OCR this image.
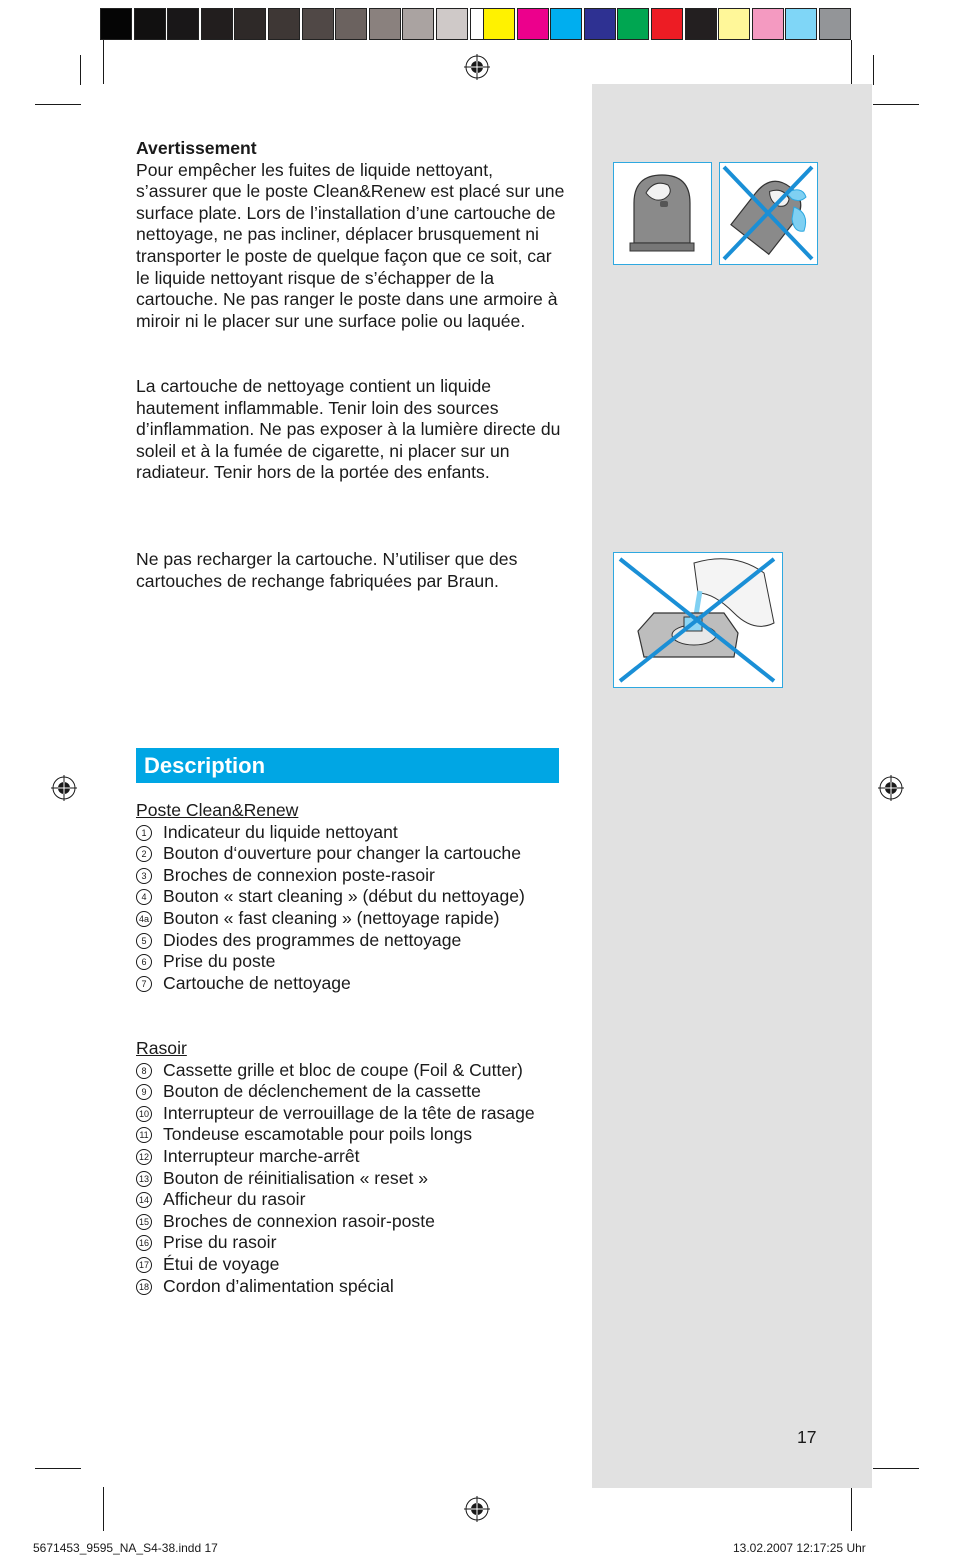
Avertissement
Pour empêcher les fuites de liquide nettoyant, s’assurer que le poste Clean&Renew est placé sur une surface plate. Lors de l’installation d’une cartouche de nettoyage, ne pas incliner, déplacer brusquement ni transporter le poste de quelque façon que ce soit, car le liquide nettoyant risque de s’échapper de la cartouche. Ne pas ranger le poste dans une armoire à miroir ni le placer sur une surface polie ou laquée.

La cartouche de nettoyage contient un liquide hautement inflammable. Tenir loin des sources d’inflammation. Ne pas exposer à la lumière directe du soleil et à la fumée de cigarette, ni placer sur un radiateur. Tenir hors de la portée des enfants.

Ne pas recharger la cartouche. N’utiliser que des cartouches de rechange fabriquées par Braun.

Description
Poste Clean&Renew
1 Indicateur du liquide nettoyant
2 Bouton d‘ouverture pour changer la cartouche
3 Broches de connexion poste-rasoir
4 Bouton « start cleaning » (début du nettoyage)
4a Bouton « fast cleaning » (nettoyage rapide)
5 Diodes des programmes de nettoyage
6 Prise du poste
7 Cartouche de nettoyage
Rasoir
8 Cassette grille et bloc de coupe (Foil & Cutter)
9 Bouton de déclenchement de la cassette
10 Interrupteur de verrouillage de la tête de rasage
11 Tondeuse escamotable pour poils longs
12 Interrupteur marche-arrêt
13 Bouton de réinitialisation « reset »
14 Afficheur du rasoir
15 Broches de connexion rasoir-poste
16 Prise du rasoir
17 Étui de voyage
18 Cordon d’alimentation spécial
17
5671453_9595_NA_S4-38.indd 17	13.02.2007 12:17:25 Uhr
